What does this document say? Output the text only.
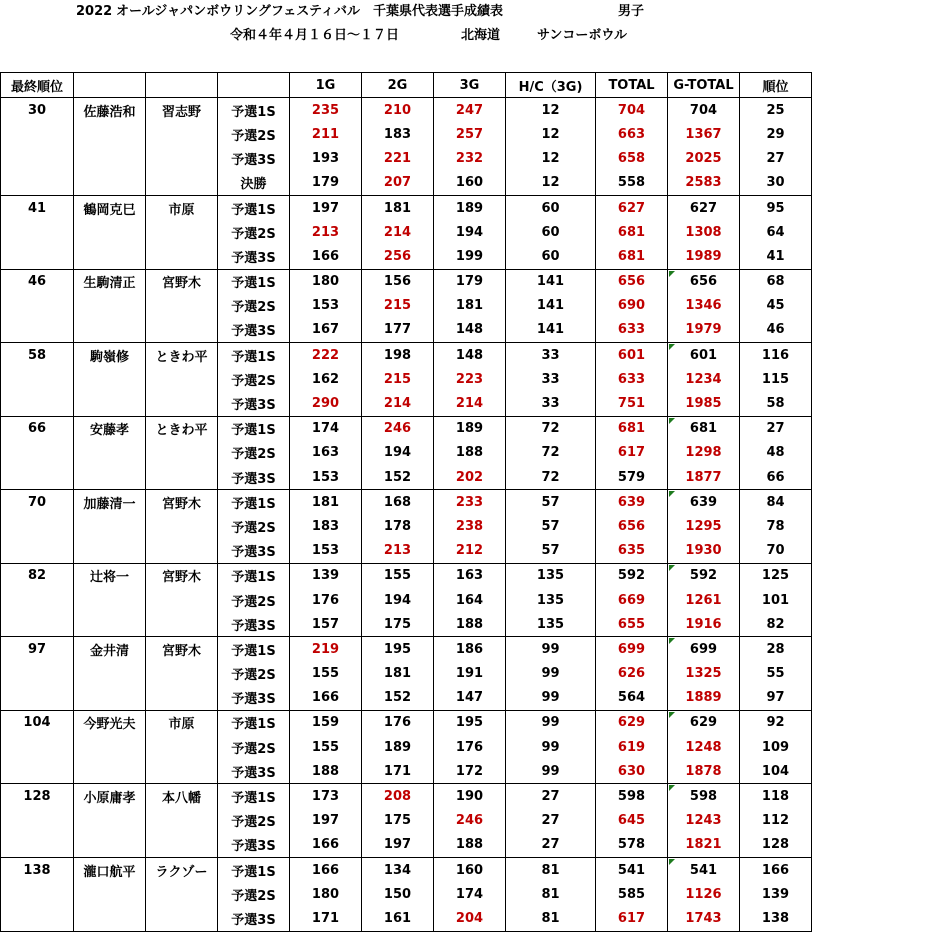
2022

オールジャパンボウリングフェスティバル　千葉県代表選手成績表

	男子

令和４年４月１６日～１７日

	北海道

	サンコーボウル

最終順位				1G	2G	3G	H/C（3G)	TOTAL	G-TOTAL	順位
30	佐藤浩和	習志野	予選1S	235	210	247	12	704	704	25
			予選2S	211	183	257	12	663	1367	29
			予選3S	193	221	232	12	658	2025	27
			決勝	179	207	160	12	558	2583	30
41	鶴岡克巳	市原	予選1S	197	181	189	60	627	627	95
			予選2S	213	214	194	60	681	1308	64
			予選3S	166	256	199	60	681	1989	41
46	生駒清正	宮野木	予選1S	180	156	179	141	656	656	68
			予選2S	153	215	181	141	690	1346	45
			予選3S	167	177	148	141	633	1979	46
58	駒嶺修	ときわ平	予選1S	222	198	148	33	601	601	116
			予選2S	162	215	223	33	633	1234	115
			予選3S	290	214	214	33	751	1985	58
66	安藤孝	ときわ平	予選1S	174	246	189	72	681	681	27
			予選2S	163	194	188	72	617	1298	48
			予選3S	153	152	202	72	579	1877	66
70	加藤清一	宮野木	予選1S	181	168	233	57	639	639	84
			予選2S	183	178	238	57	656	1295	78
			予選3S	153	213	212	57	635	1930	70
82	辻将一	宮野木	予選1S	139	155	163	135	592	592	125
			予選2S	176	194	164	135	669	1261	101
			予選3S	157	175	188	135	655	1916	82
97	金井清	宮野木	予選1S	219	195	186	99	699	699	28
			予選2S	155	181	191	99	626	1325	55
			予選3S	166	152	147	99	564	1889	97
104	今野光夫	市原	予選1S	159	176	195	99	629	629	92
			予選2S	155	189	176	99	619	1248	109
			予選3S	188	171	172	99	630	1878	104
128	小原庸孝	本八幡	予選1S	173	208	190	27	598	598	118
			予選2S	197	175	246	27	645	1243	112
			予選3S	166	197	188	27	578	1821	128
138	瀧口航平	ラクゾー	予選1S	166	134	160	81	541	541	166
			予選2S	180	150	174	81	585	1126	139
			予選3S	171	161	204	81	617	1743	138
